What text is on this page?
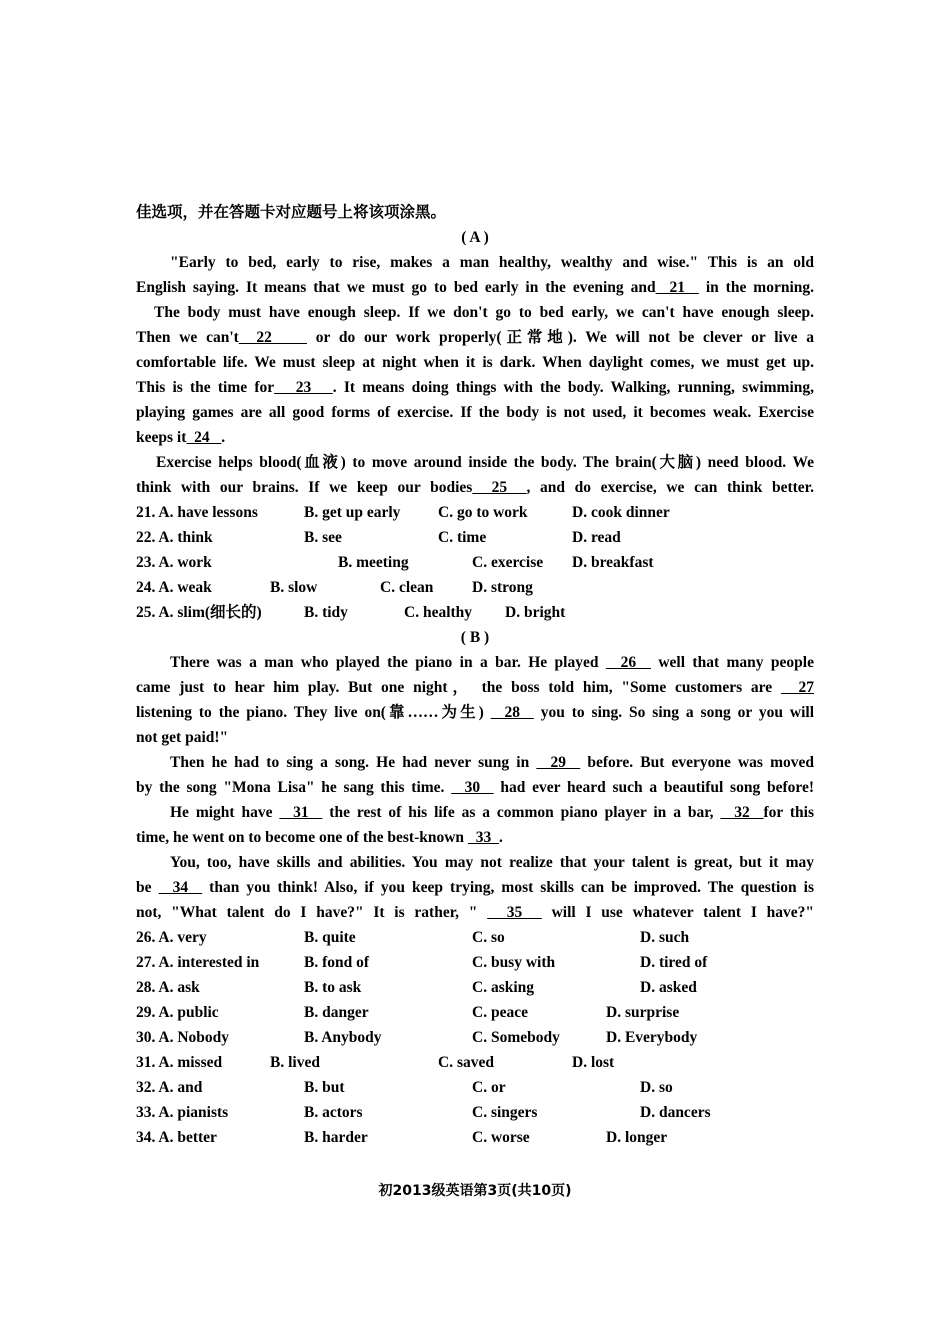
佳选项，并在答题卡对应题号上将该项涂黑。
( A )
"Early to bed, early to rise, makes a man healthy, wealthy and wise." This is an old
English saying. It means that we must go to bed early in the evening and  21   in the morning.
The body must have enough sleep. If we don't go to bed early, we can't have enough sleep.
Then we can't  22     or do our work properly(正常地). We will not be clever or live a
comfortable life. We must sleep at night when it is dark. When daylight comes, we must get up.
This is the time for   23   . It means doing things with the body. Walking, running, swimming,
playing games are all good forms of exercise. If the body is not used, it becomes weak. Exercise
keeps it  24   .
Exercise helps blood(血液) to move around inside the body. The brain(大脑) need blood. We
think with our brains. If we keep our bodies  25  , and do exercise, we can think better.
21. A. have lessons	B. get up early C. go to work	D. cook dinner
22. A. think	B. see	C. time	D. read
23. A. work	B. meeting	C. exercise D. breakfast
24. A. weak	B. slow	C. clean D. strong
25. A. slim(细长的)	B. tidy	C. healthy D. bright
( B )
There was a man who played the piano in a bar. He played   26   well that many people
came just to hear him play. But one night， the boss told him, "Some customers are   27
listening to the piano. They live on(靠……为生)   28   you to sing. So sing a song or you will
not get paid!"
Then he had to sing a song. He had never sung in   29   before. But everyone was moved
by the song "Mona Lisa" he sang this time.   30   had ever heard such a beautiful song before!
He might have   31   the rest of his life as a common piano player in a bar,   32  for this
time, he went on to become one of the best-known   33  .
You, too, have skills and abilities. You may not realize that your talent is great, but it may
be   34   than you think! Also, if you keep trying, most skills can be improved. The question is
not, "What talent do I have?" It is rather, "   35   will I use whatever talent I have?"
26. A. very	B. quite	C. so	D. such
27. A. interested in	B. fond of	C. busy with	D. tired of
28. A. ask	B. to ask	C. asking	D. asked
29. A. public	B. danger	C. peace	D. surprise
30. A. Nobody	B. Anybody	C. Somebody	D. Everybody
31. A. missed	B. lived	C. saved	D. lost
32. A. and	B. but	C. or	D. so
33. A. pianists	B. actors	C. singers	D. dancers
34. A. better	B. harder	C. worse	D. longer
初2013级英语第3页(共10页)
